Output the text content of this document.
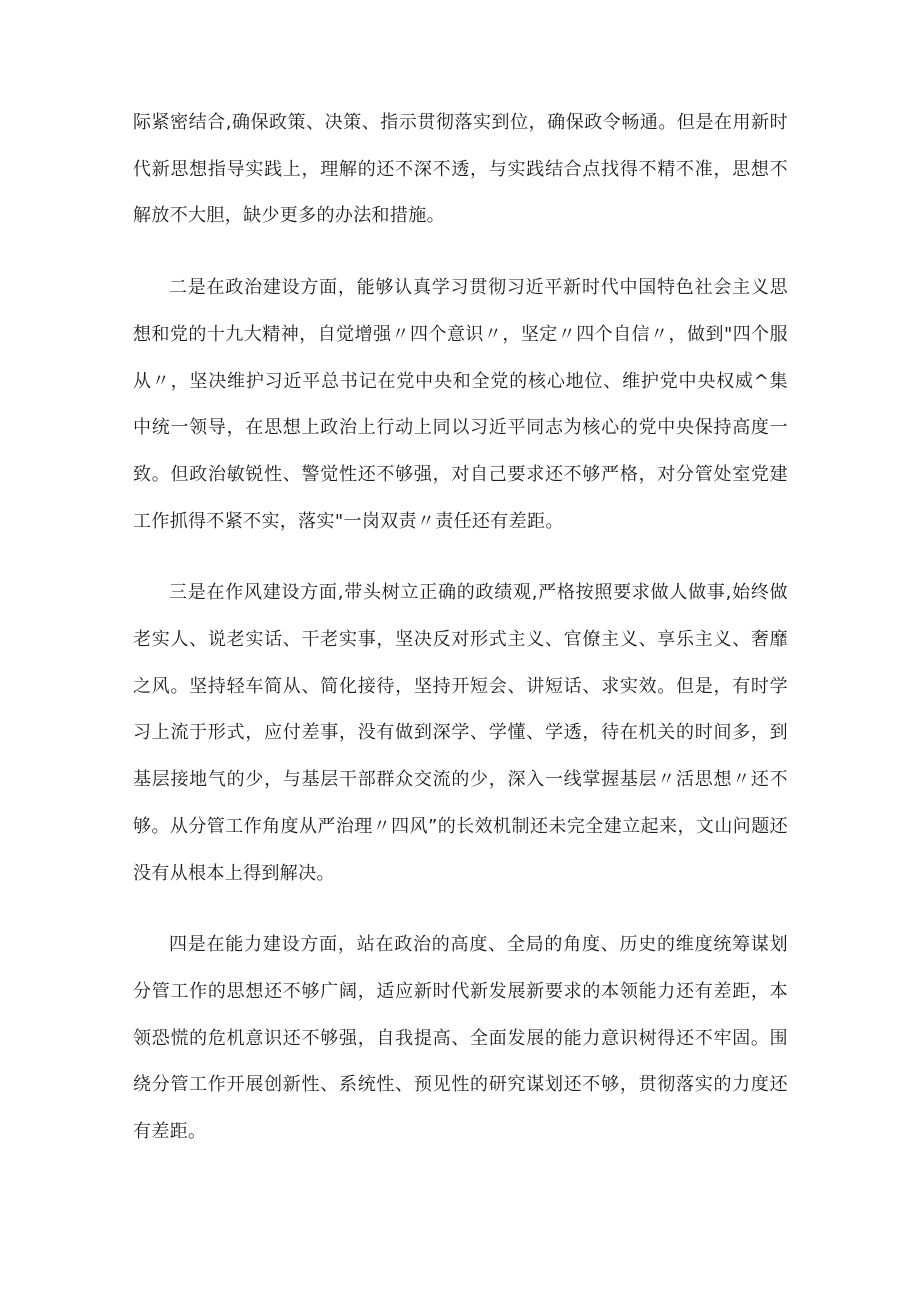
际紧密结合,确保政策、决策、指示贯彻落实到位，确保政令畅通。但是在用新时代新思想指导实践上，理解的还不深不透，与实践结合点找得不精不准，思想不解放不大胆，缺少更多的办法和措施。

二是在政治建设方面，能够认真学习贯彻习近平新时代中国特色社会主义思想和党的十九大精神，自觉增强〃四个意识〃，坚定〃四个自信〃，做到"四个服从〃，坚决维护习近平总书记在党中央和全党的核心地位、维护党中央权威^集中统一领导，在思想上政治上行动上同以习近平同志为核心的党中央保持高度一致。但政治敏锐性、警觉性还不够强，对自己要求还不够严格，对分管处室党建工作抓得不紧不实，落实"一岗双责〃责任还有差距。

三是在作风建设方面,带头树立正确的政绩观,严格按照要求做人做事,始终做老实人、说老实话、干老实事，坚决反对形式主义、官僚主义、享乐主义、奢靡之风。坚持轻车简从、简化接待，坚持开短会、讲短话、求实效。但是，有时学习上流于形式，应付差事，没有做到深学、学懂、学透，待在机关的时间多，到基层接地气的少，与基层干部群众交流的少，深入一线掌握基层〃活思想〃还不够。从分管工作角度从严治理〃四风”的长效机制还未完全建立起来，文山问题还没有从根本上得到解决。

四是在能力建设方面，站在政治的高度、全局的角度、历史的维度统筹谋划分管工作的思想还不够广阔，适应新时代新发展新要求的本领能力还有差距，本领恐慌的危机意识还不够强，自我提高、全面发展的能力意识树得还不牢固。围绕分管工作开展创新性、系统性、预见性的研究谋划还不够，贯彻落实的力度还有差距。
